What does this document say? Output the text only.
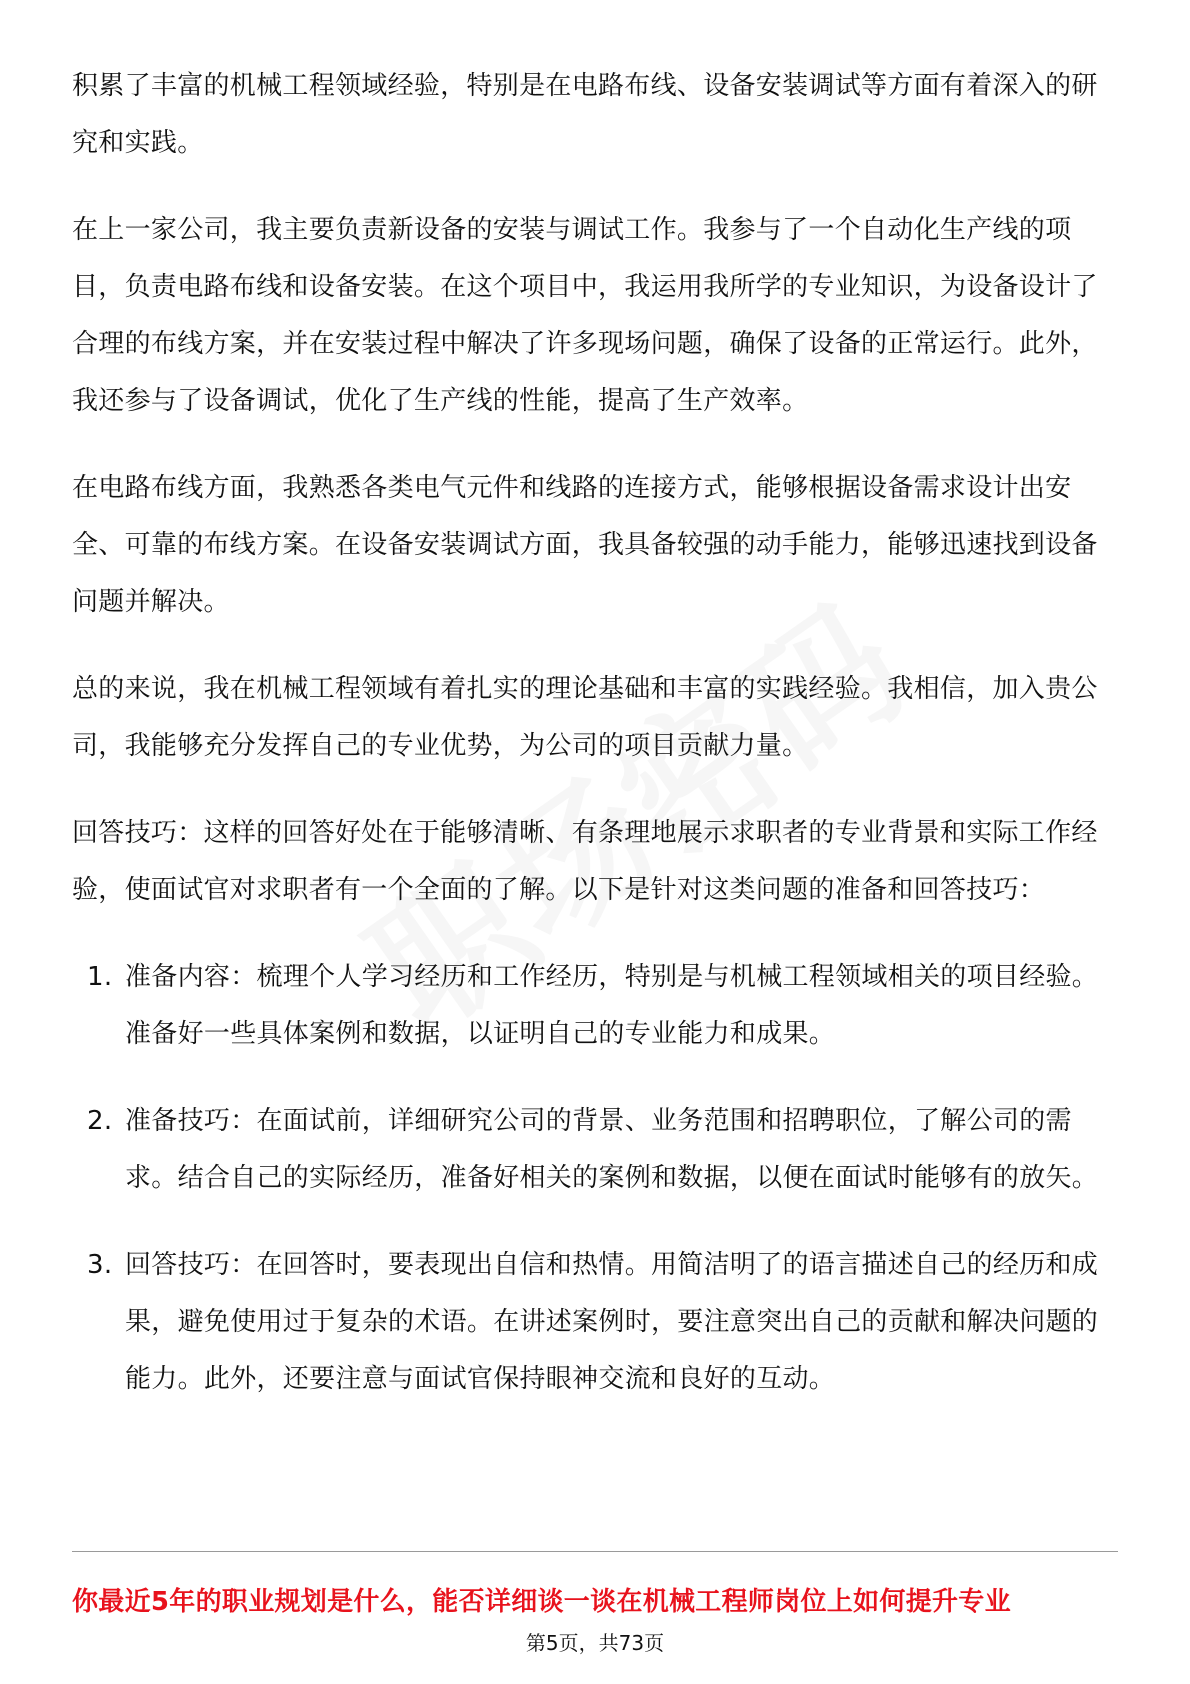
积累了丰富的机械工程领域经验，特别是在电路布线、设备安装调试等方面有着深入的研究和实践。

在上一家公司，我主要负责新设备的安装与调试工作。我参与了一个自动化生产线的项目，负责电路布线和设备安装。在这个项目中，我运用我所学的专业知识，为设备设计了合理的布线方案，并在安装过程中解决了许多现场问题，确保了设备的正常运行。此外，我还参与了设备调试，优化了生产线的性能，提高了生产效率。

在电路布线方面，我熟悉各类电气元件和线路的连接方式，能够根据设备需求设计出安全、可靠的布线方案。在设备安装调试方面，我具备较强的动手能力，能够迅速找到设备问题并解决。

总的来说，我在机械工程领域有着扎实的理论基础和丰富的实践经验。我相信，加入贵公司，我能够充分发挥自己的专业优势，为公司的项目贡献力量。

回答技巧：这样的回答好处在于能够清晰、有条理地展示求职者的专业背景和实际工作经验，使面试官对求职者有一个全面的了解。以下是针对这类问题的准备和回答技巧：

1. 准备内容：梳理个人学习经历和工作经历，特别是与机械工程领域相关的项目经验。准备好一些具体案例和数据，以证明自己的专业能力和成果。
2. 准备技巧：在面试前，详细研究公司的背景、业务范围和招聘职位，了解公司的需求。结合自己的实际经历，准备好相关的案例和数据，以便在面试时能够有的放矢。
3. 回答技巧：在回答时，要表现出自信和热情。用简洁明了的语言描述自己的经历和成果，避免使用过于复杂的术语。在讲述案例时，要注意突出自己的贡献和解决问题的能力。此外，还要注意与面试官保持眼神交流和良好的互动。
你最近5年的职业规划是什么，能否详细谈一谈在机械工程师岗位上如何提升专业
第5页，共73页
